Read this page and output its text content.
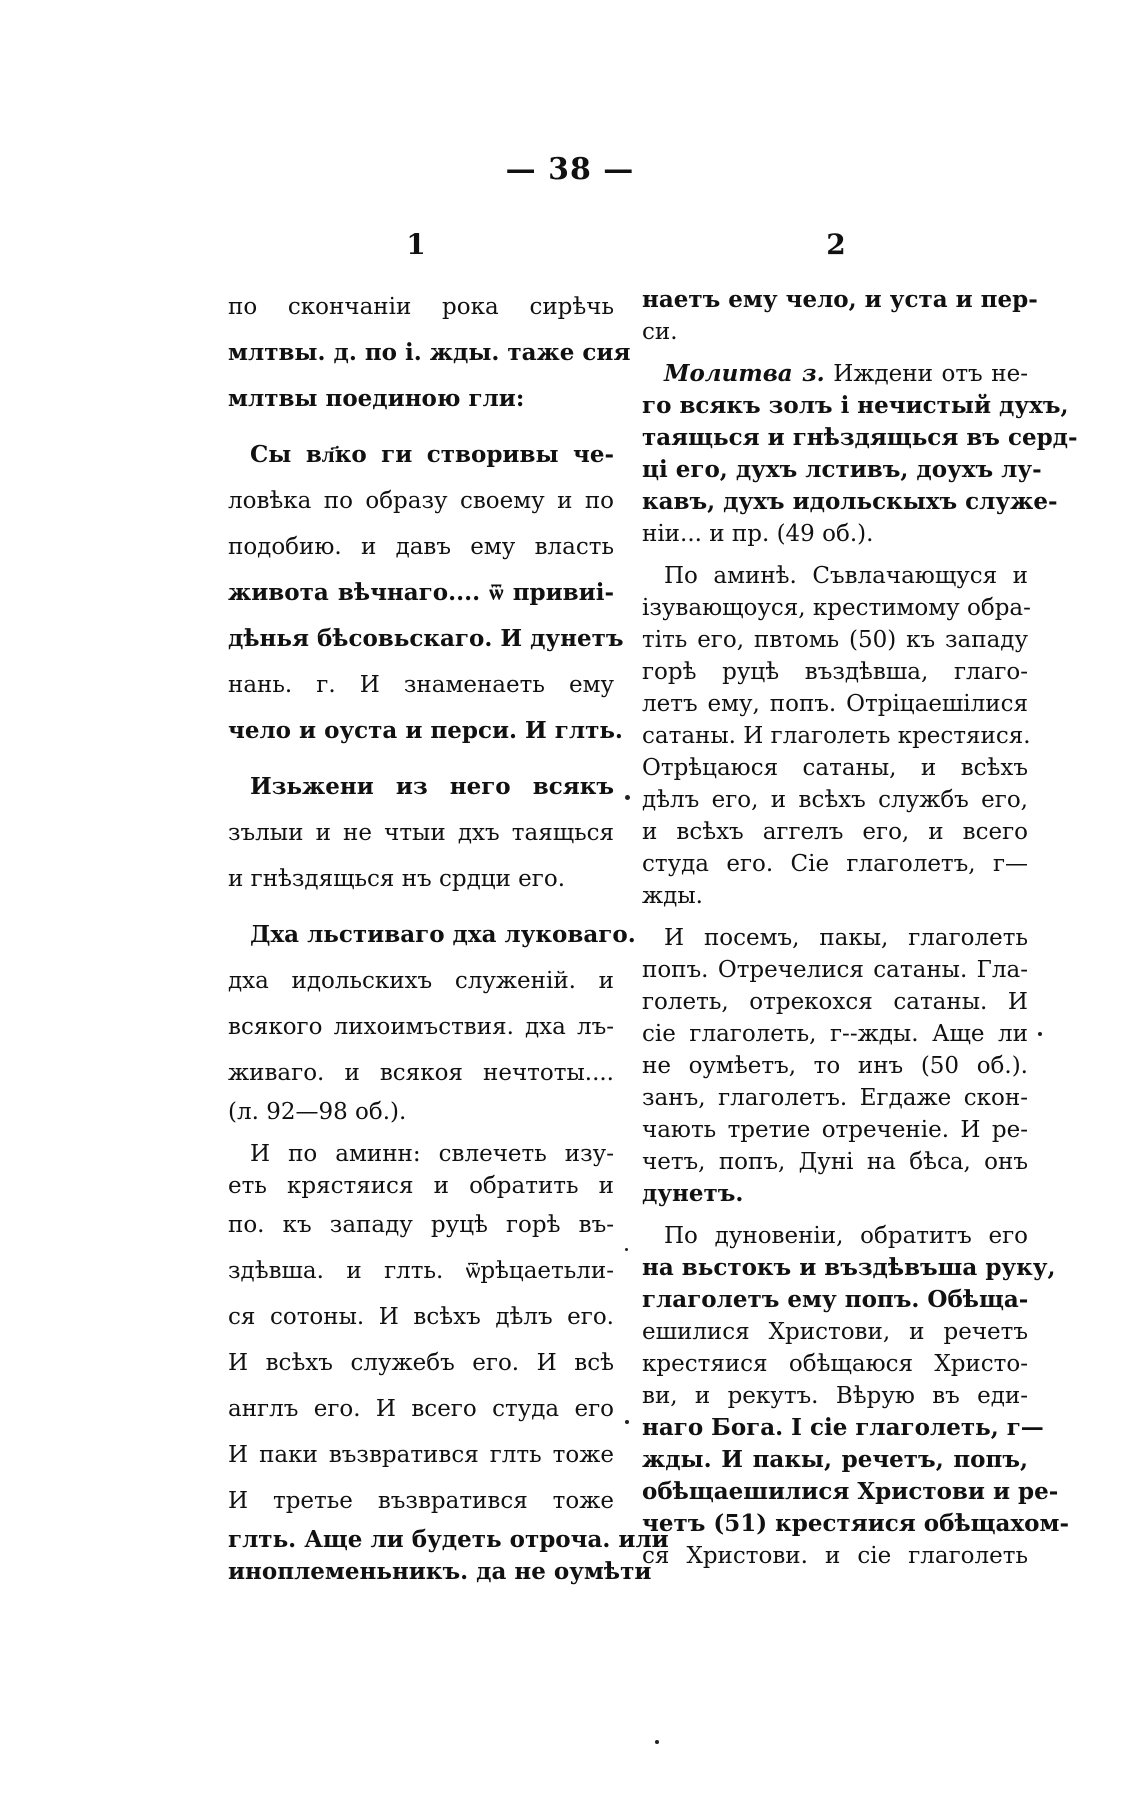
— 38 —
1	2
по скончаніи рока сирѣчь
млтвы. д. по і. жды. таже сия
млтвы поединою гли:
Сы вл҃ко ги створивы че-
ловѣка по образу своему и по
подобию. и давъ ему власть
живота вѣчнаго.... ѿ привиі-
дѣнья бѣсовьскаго. И дунетъ
нань. г. И знаменаеть ему
чело и оуста и перси. И глть.
Изьжени из него всякъ
зълыи и не чтыи дхъ таящься
и гнѣздящься нъ срдци его.
Дха льстиваго дха луковаго.
дха идольскихъ служеній. и
всякого лихоимъствия. дха лъ-
живаго. и всякоя нечтоты....
(л. 92—98 об.).
И по аминн: свлечеть изу-
еть крястяися и обратить и
по. къ западу руцѣ горѣ въ-
здѣвша. и глть. ѿрѣцаетьли-
ся сотоны. И всѣхъ дѣлъ его.
И всѣхъ служебъ его. И всѣ
англъ его. И всего студа его
И паки възвратився глть тоже
И третье възвратився тоже
глть. Аще ли будеть отроча. или
иноплеменьникъ. да не оумѣти
наетъ ему чело, и уста и пер-
си.
Молитва з. Иждени отъ не-
го всякъ золъ і нечистый духъ,
таящься и гнѣздящься въ серд-
ці его, духъ лстивъ, доухъ лу-
кавъ, духъ идольскыхъ служе-
ніи... и пр. (49 об.).
По аминѣ. Съвлачающуся и
ізувающоуся, крестимому обра-
тіть его, пвтомь (50) къ западу
горѣ руцѣ въздѣвша, глаго-
летъ ему, попъ. Отріцаешілися
сатаны. И глаголеть крестяися.
Отрѣцаюся сатаны, и всѣхъ
дѣлъ его, и всѣхъ службъ его,
и всѣхъ аггелъ его, и всего
студа его. Сіе глаголетъ, г—
жды.
И посемъ, пакы, глаголеть
попъ. Отречелися сатаны. Гла-
голеть, отрекохся сатаны. И
сіе глаголеть, г--жды. Аще ли
не оумѣетъ, то инъ (50 об.).
занъ, глаголетъ. Егдаже скон-
чають третие отреченіе. И ре-
четъ, попъ, Дуні на бѣса, онъ
дунетъ.
По дуновеніи, обратитъ его
на вьстокъ и въздѣвъша руку,
глаголетъ ему попъ. Обѣща-
ешилися Христови, и речетъ
крестяися обѣщаюся Христо-
ви, и рекутъ. Вѣрую въ еди-
наго Бога. І сіе глаголеть, г—
жды. И пакы, речетъ, попъ,
обѣщаешилися Христови и ре-
четъ (51) крестяися обѣщахом-
ся Христови. и сіе глаголеть
